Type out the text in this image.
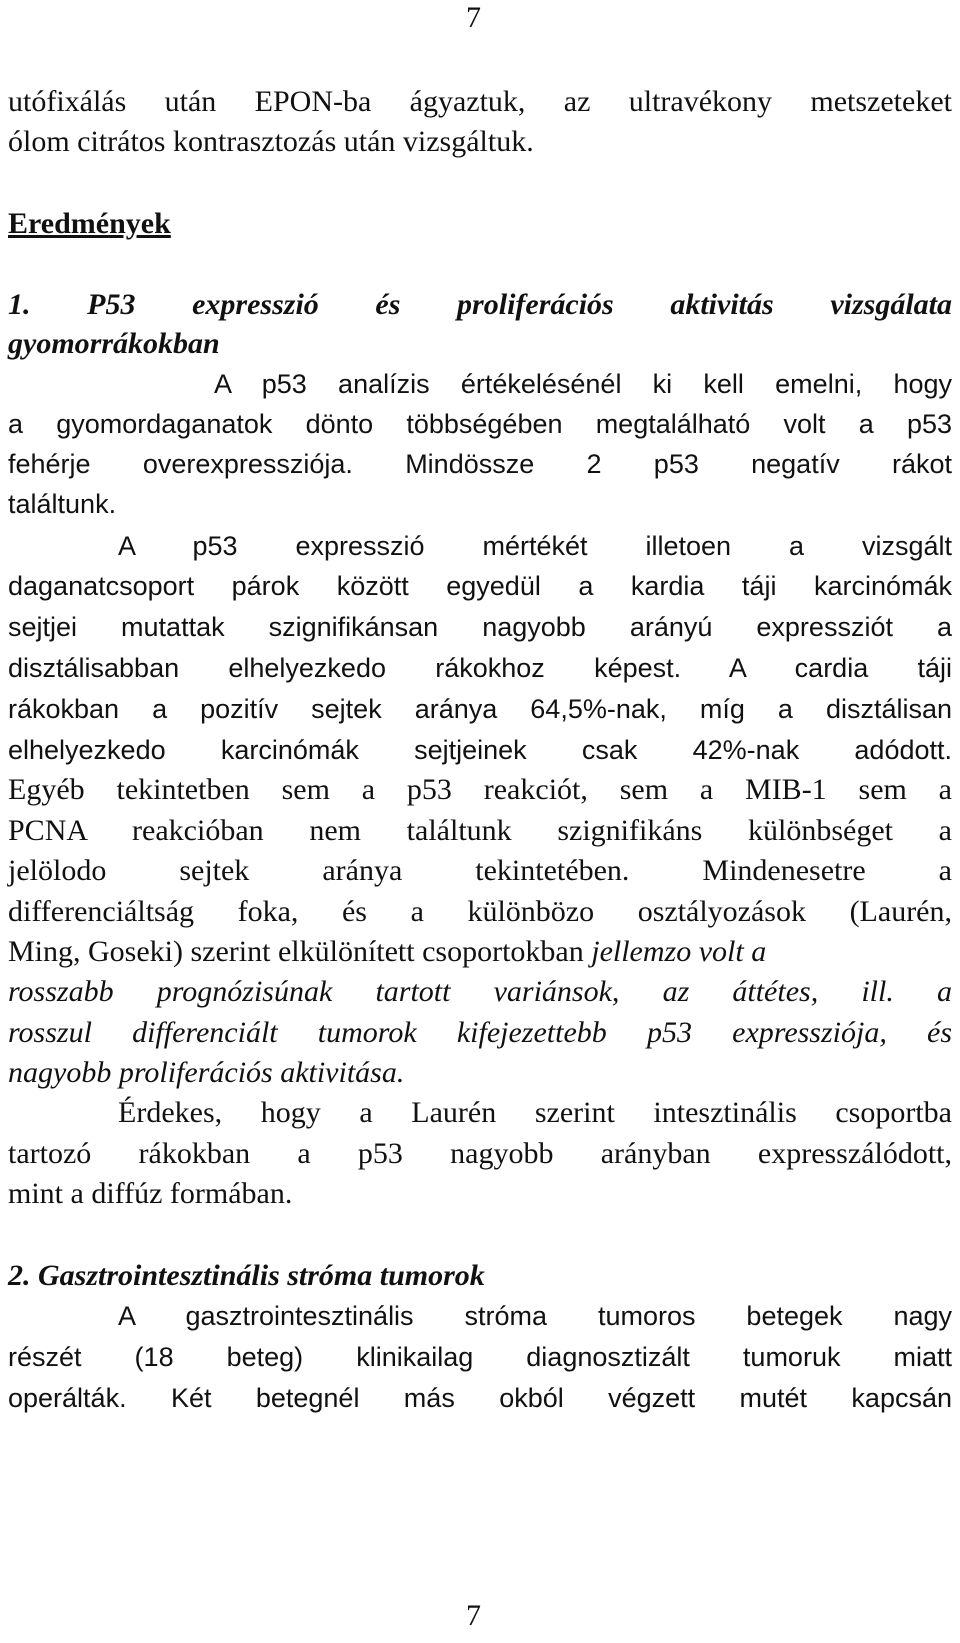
7
utófixálás után EPON-ba ágyaztuk, az ultravékony metszeteket
ólom citrátos kontrasztozás után vizsgáltuk.
Eredmények
1. P53 expresszió és proliferációs aktivitás vizsgálata
gyomorrákokban
A p53 analízis értékelésénél ki kell emelni, hogy
a gyomordaganatok dönto többségében megtalálható volt a p53
fehérje overexpressziója. Mindössze 2 p53 negatív rákot
találtunk.
A p53 expresszió mértékét illetoen a vizsgált
daganatcsoport párok között egyedül a kardia táji karcinómák
sejtjei mutattak szignifikánsan nagyobb arányú expressziót a
disztálisabban elhelyezkedo rákokhoz képest. A cardia táji
rákokban a pozitív sejtek aránya 64,5%-nak, míg a disztálisan
elhelyezkedo karcinómák sejtjeinek csak 42%-nak adódott.
Egyéb tekintetben sem a p53 reakciót, sem a MIB-1 sem a
PCNA reakcióban nem találtunk szignifikáns különbséget a
jelölodo sejtek aránya tekintetében. Mindenesetre a
differenciáltság foka, és a különbözo osztályozások (Laurén,
Ming, Goseki) szerint elkülönített csoportokban jellemzo volt a
rosszabb prognózisúnak tartott variánsok, az áttétes, ill. a
rosszul differenciált tumorok kifejezettebb p53 expressziója, és
nagyobb proliferációs aktivitása.
Érdekes, hogy a Laurén szerint intesztinális csoportba
tartozó rákokban a p53 nagyobb arányban expresszálódott,
mint a diffúz formában.
2. Gasztrointesztinális stróma tumorok
A gasztrointesztinális stróma tumoros betegek nagy
részét (18 beteg) klinikailag diagnosztizált tumoruk miatt
operálták. Két betegnél más okból végzett mutét kapcsán
7
